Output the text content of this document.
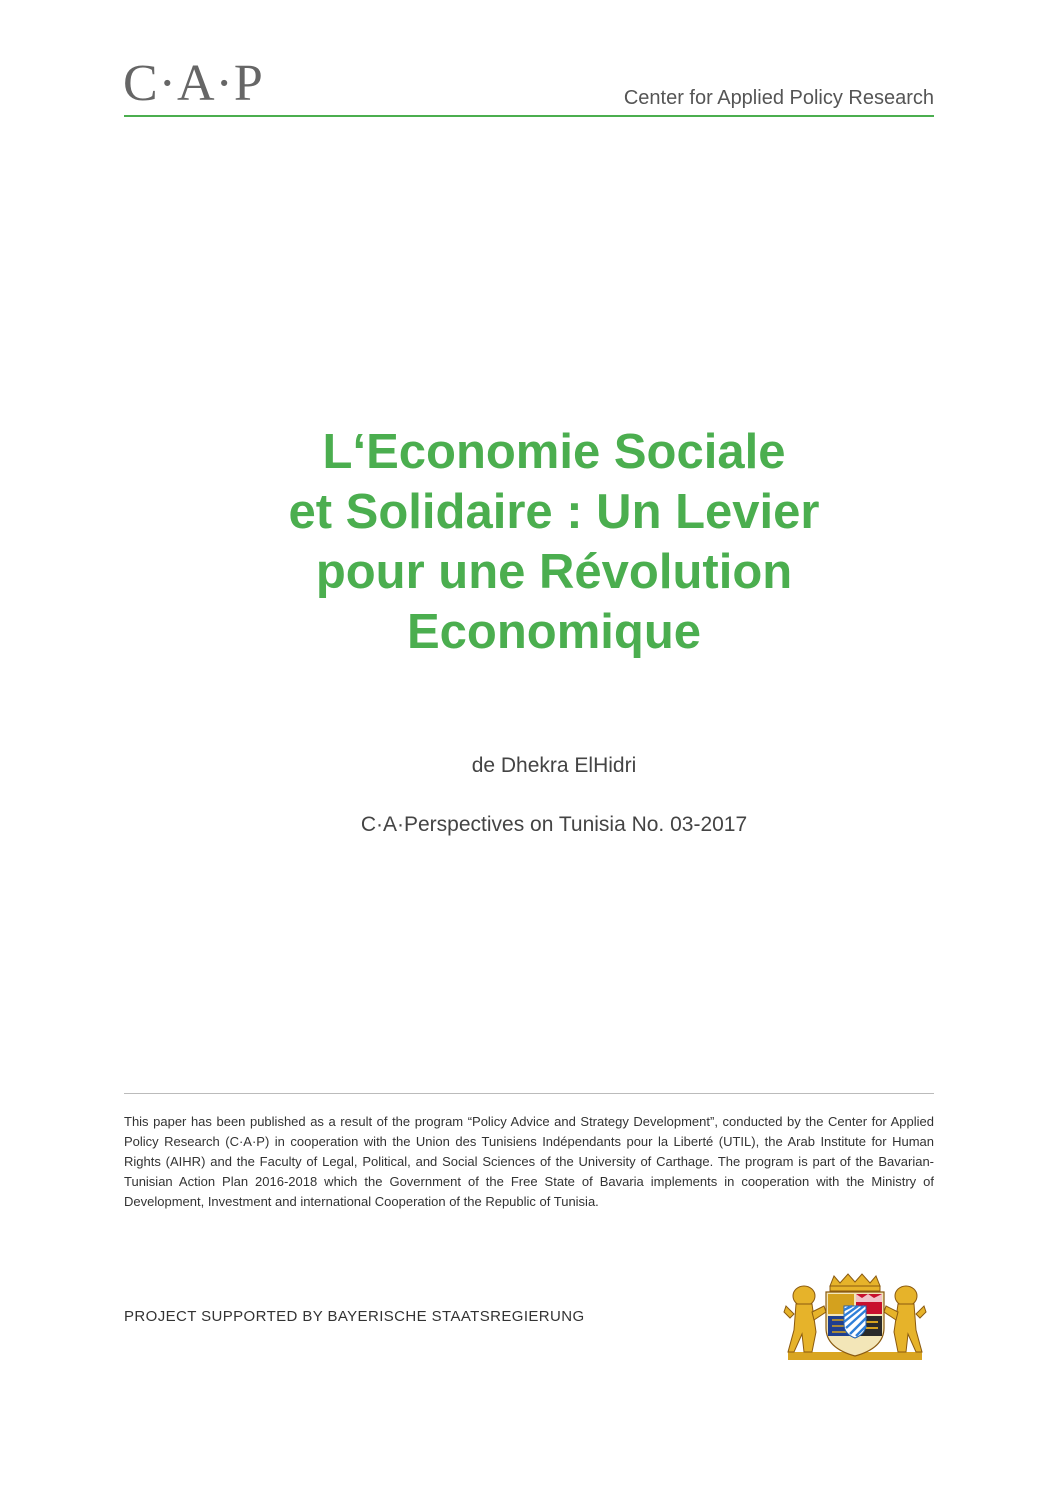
C·A·P	Center for Applied Policy Research
L‘Economie Sociale
et Solidaire : Un Levier
pour une Révolution
Economique
de Dhekra ElHidri
C·A·Perspectives on Tunisia No. 03-2017
This paper has been published as a result of the program “Policy Advice and Strategy Development”, conducted by the Center for Applied Policy Research (C·A·P) in cooperation with the Union des Tunisiens Indépendants pour la Liberté (UTIL), the Arab Institute for Human Rights (AIHR) and the Faculty of Legal, Political, and Social Sciences of the University of Carthage. The program is part of the Bavarian-Tunisian Action Plan 2016-2018 which the Government of the Free State of Bavaria implements in cooperation with the Ministry of Development, Investment and international Cooperation of the Republic of Tunisia.
PROJECT SUPPORTED BY BAYERISCHE STAATSREGIERUNG
